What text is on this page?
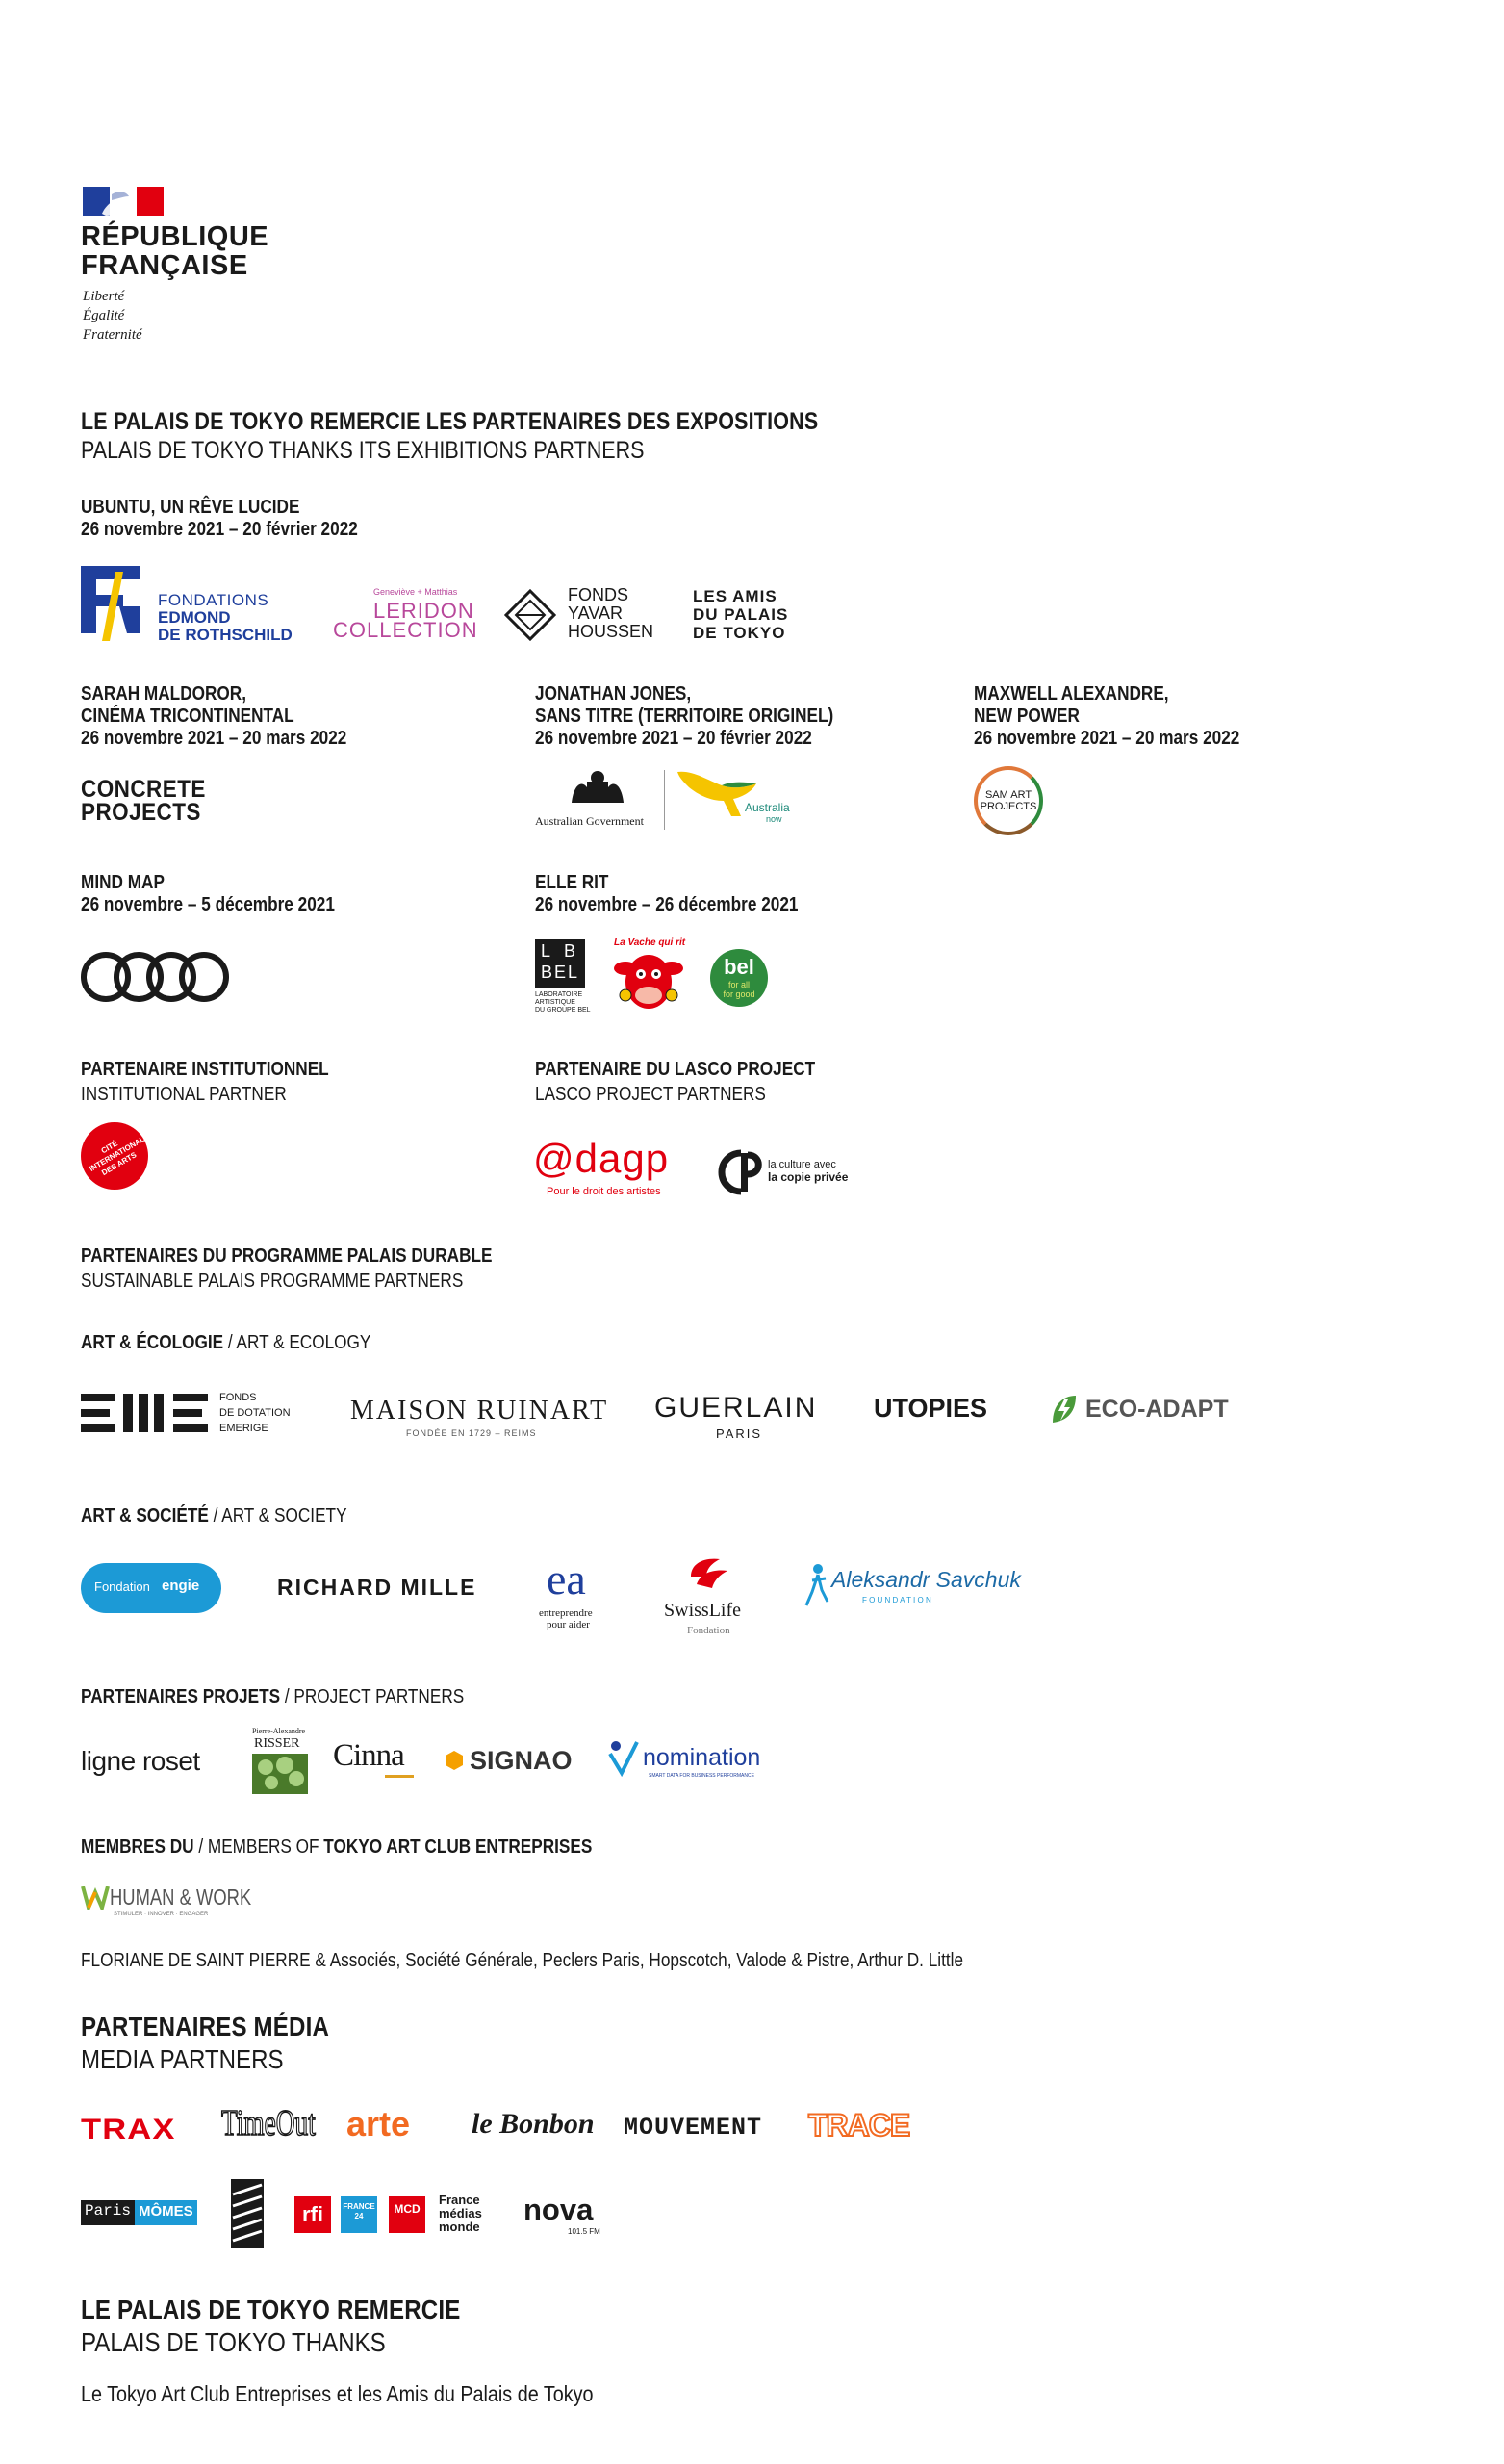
RÉPUBLIQUE
FRANÇAISE
Liberté
Égalité
Fraternité
LE PALAIS DE TOKYO REMERCIE LES PARTENAIRES DES EXPOSITIONS
PALAIS DE TOKYO THANKS ITS EXHIBITIONS PARTNERS
UBUNTU, UN RÊVE LUCIDE
26 novembre 2021 – 20 février 2022
FONDATIONS
EDMOND
DE ROTHSCHILD
Geneviève + Matthias
LERIDON
COLLECTION
FONDS
YAVAR
HOUSSEN
LES AMIS
DU PALAIS
DE TOKYO
SARAH MALDOROR,
CINÉMA TRICONTINENTAL
26 novembre 2021 – 20 mars 2022
CONCRETE
PROJECTS
JONATHAN JONES,
SANS TITRE (TERRITOIRE ORIGINEL)
26 novembre 2021 – 20 février 2022
Australian Government
Australia
now
MAXWELL ALEXANDRE,
NEW POWER
26 novembre 2021 – 20 mars 2022
SAM ART
PROJECTS
MIND MAP
26 novembre – 5 décembre 2021
ELLE RIT
26 novembre – 26 décembre 2021
L B
BEL
LABORATOIRE
ARTISTIQUE
DU GROUPE BEL
La Vache qui rit
bel
for all
for good
PARTENAIRE INSTITUTIONNEL
INSTITUTIONAL PARTNER
CITÉ INTERNATIONALE DES ARTS
PARTENAIRE DU LASCO PROJECT
LASCO PROJECT PARTNERS
@dagp
Pour le droit des artistes
la culture avec
la copie privée
PARTENAIRES DU PROGRAMME PALAIS DURABLE
SUSTAINABLE PALAIS PROGRAMME PARTNERS
ART & ÉCOLOGIE / ART & ECOLOGY
FONDS
DE DOTATION
EMERIGE
MAISON RUINART
FONDÉE EN 1729 – REIMS
GUERLAIN
PARIS
UTOPIES	ECO-ADAPT
ART & SOCIÉTÉ / ART & SOCIETY
Fondation engie	RICHARD MILLE ea
entreprendre
pour aider
SwissLife
Fondation
Aleksandr Savchuk
F O U N D A T I O N
PARTENAIRES PROJETS / PROJECT PARTNERS
ligne roset
Pierre-Alexandre
RISSER Cinna	SIGNAO	nomination
SMART DATA FOR BUSINESS PERFORMANCE
MEMBRES DU / MEMBERS OF TOKYO ART CLUB ENTREPRISES
HUMAN & WORK
STIMULER · INNOVER · ENGAGER
FLORIANE DE SAINT PIERRE & Associés, Société Générale, Peclers Paris, Hopscotch, Valode & Pistre, Arthur D. Little
PARTENAIRES MÉDIA
MEDIA PARTNERS
TRAX TimeOut arte le Bonbon MOUVEMENT TRACE
Paris MÔMES	rfi	FRANCE 24
MCD
France
médias
monde
nova
101.5 FM
LE PALAIS DE TOKYO REMERCIE
PALAIS DE TOKYO THANKS
Le Tokyo Art Club Entreprises et les Amis du Palais de Tokyo
